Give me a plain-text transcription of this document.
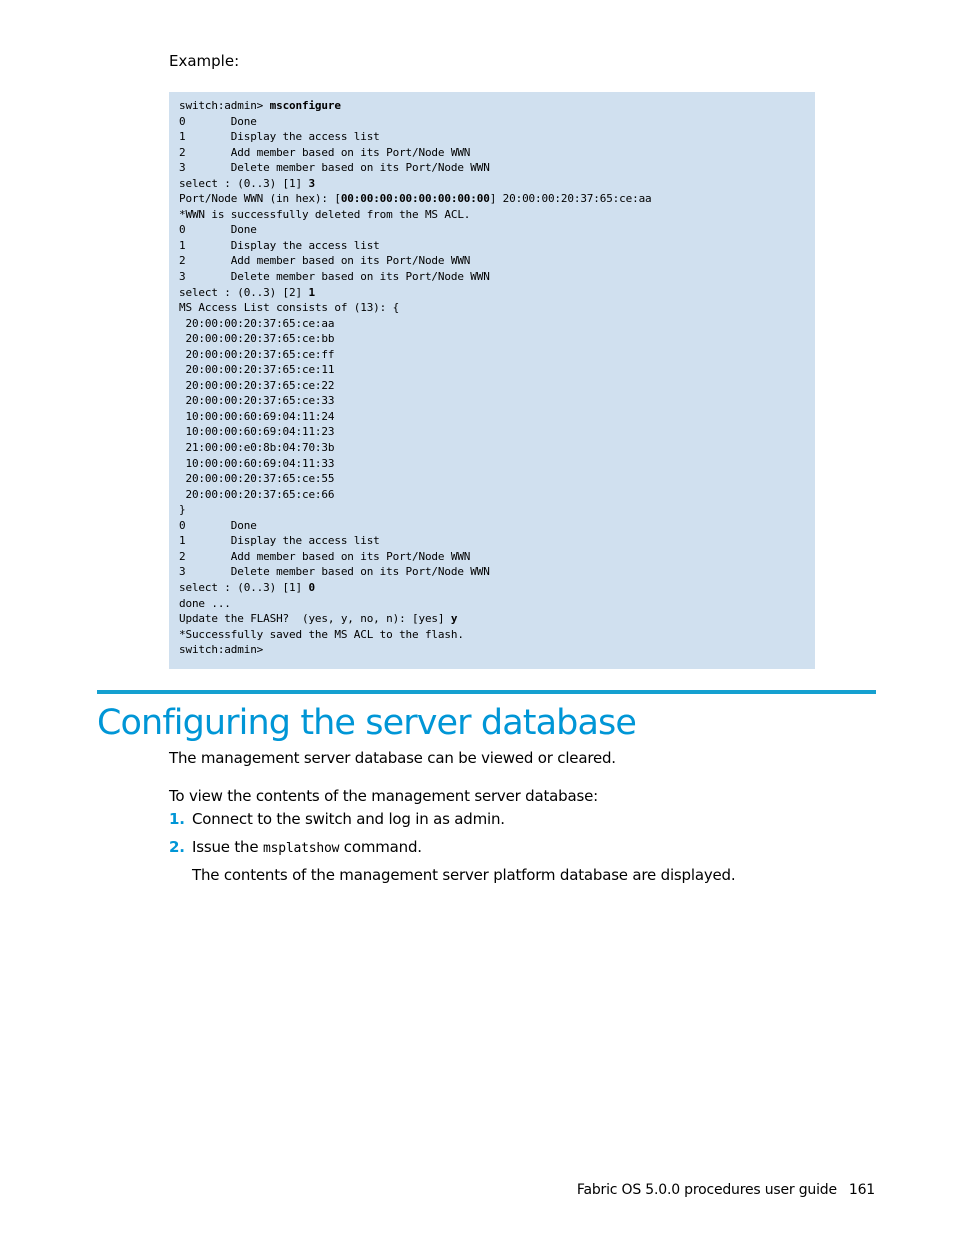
Example:
switch:admin> msconfigure
0       Done
1       Display the access list
2       Add member based on its Port/Node WWN
3       Delete member based on its Port/Node WWN
select : (0..3) [1] 3
Port/Node WWN (in hex): [00:00:00:00:00:00:00:00] 20:00:00:20:37:65:ce:aa
*WWN is successfully deleted from the MS ACL.
0       Done
1       Display the access list
2       Add member based on its Port/Node WWN
3       Delete member based on its Port/Node WWN
select : (0..3) [2] 1
MS Access List consists of (13): {
20:00:00:20:37:65:ce:aa
20:00:00:20:37:65:ce:bb
20:00:00:20:37:65:ce:ff
20:00:00:20:37:65:ce:11
20:00:00:20:37:65:ce:22
20:00:00:20:37:65:ce:33
10:00:00:60:69:04:11:24
10:00:00:60:69:04:11:23
21:00:00:e0:8b:04:70:3b
10:00:00:60:69:04:11:33
20:00:00:20:37:65:ce:55
20:00:00:20:37:65:ce:66
}
0       Done
1       Display the access list
2       Add member based on its Port/Node WWN
3       Delete member based on its Port/Node WWN
select : (0..3) [1] 0
done ...
Update the FLASH?  (yes, y, no, n): [yes] y
*Successfully saved the MS ACL to the flash.
switch:admin>
Configuring the server database

The management server database can be viewed or cleared.

To view the contents of the management server database:

1. Connect to the switch and log in as admin.
2. Issue the msplatshow command.

The contents of the management server platform database are displayed.

Fabric OS 5.0.0 procedures user guide 161
